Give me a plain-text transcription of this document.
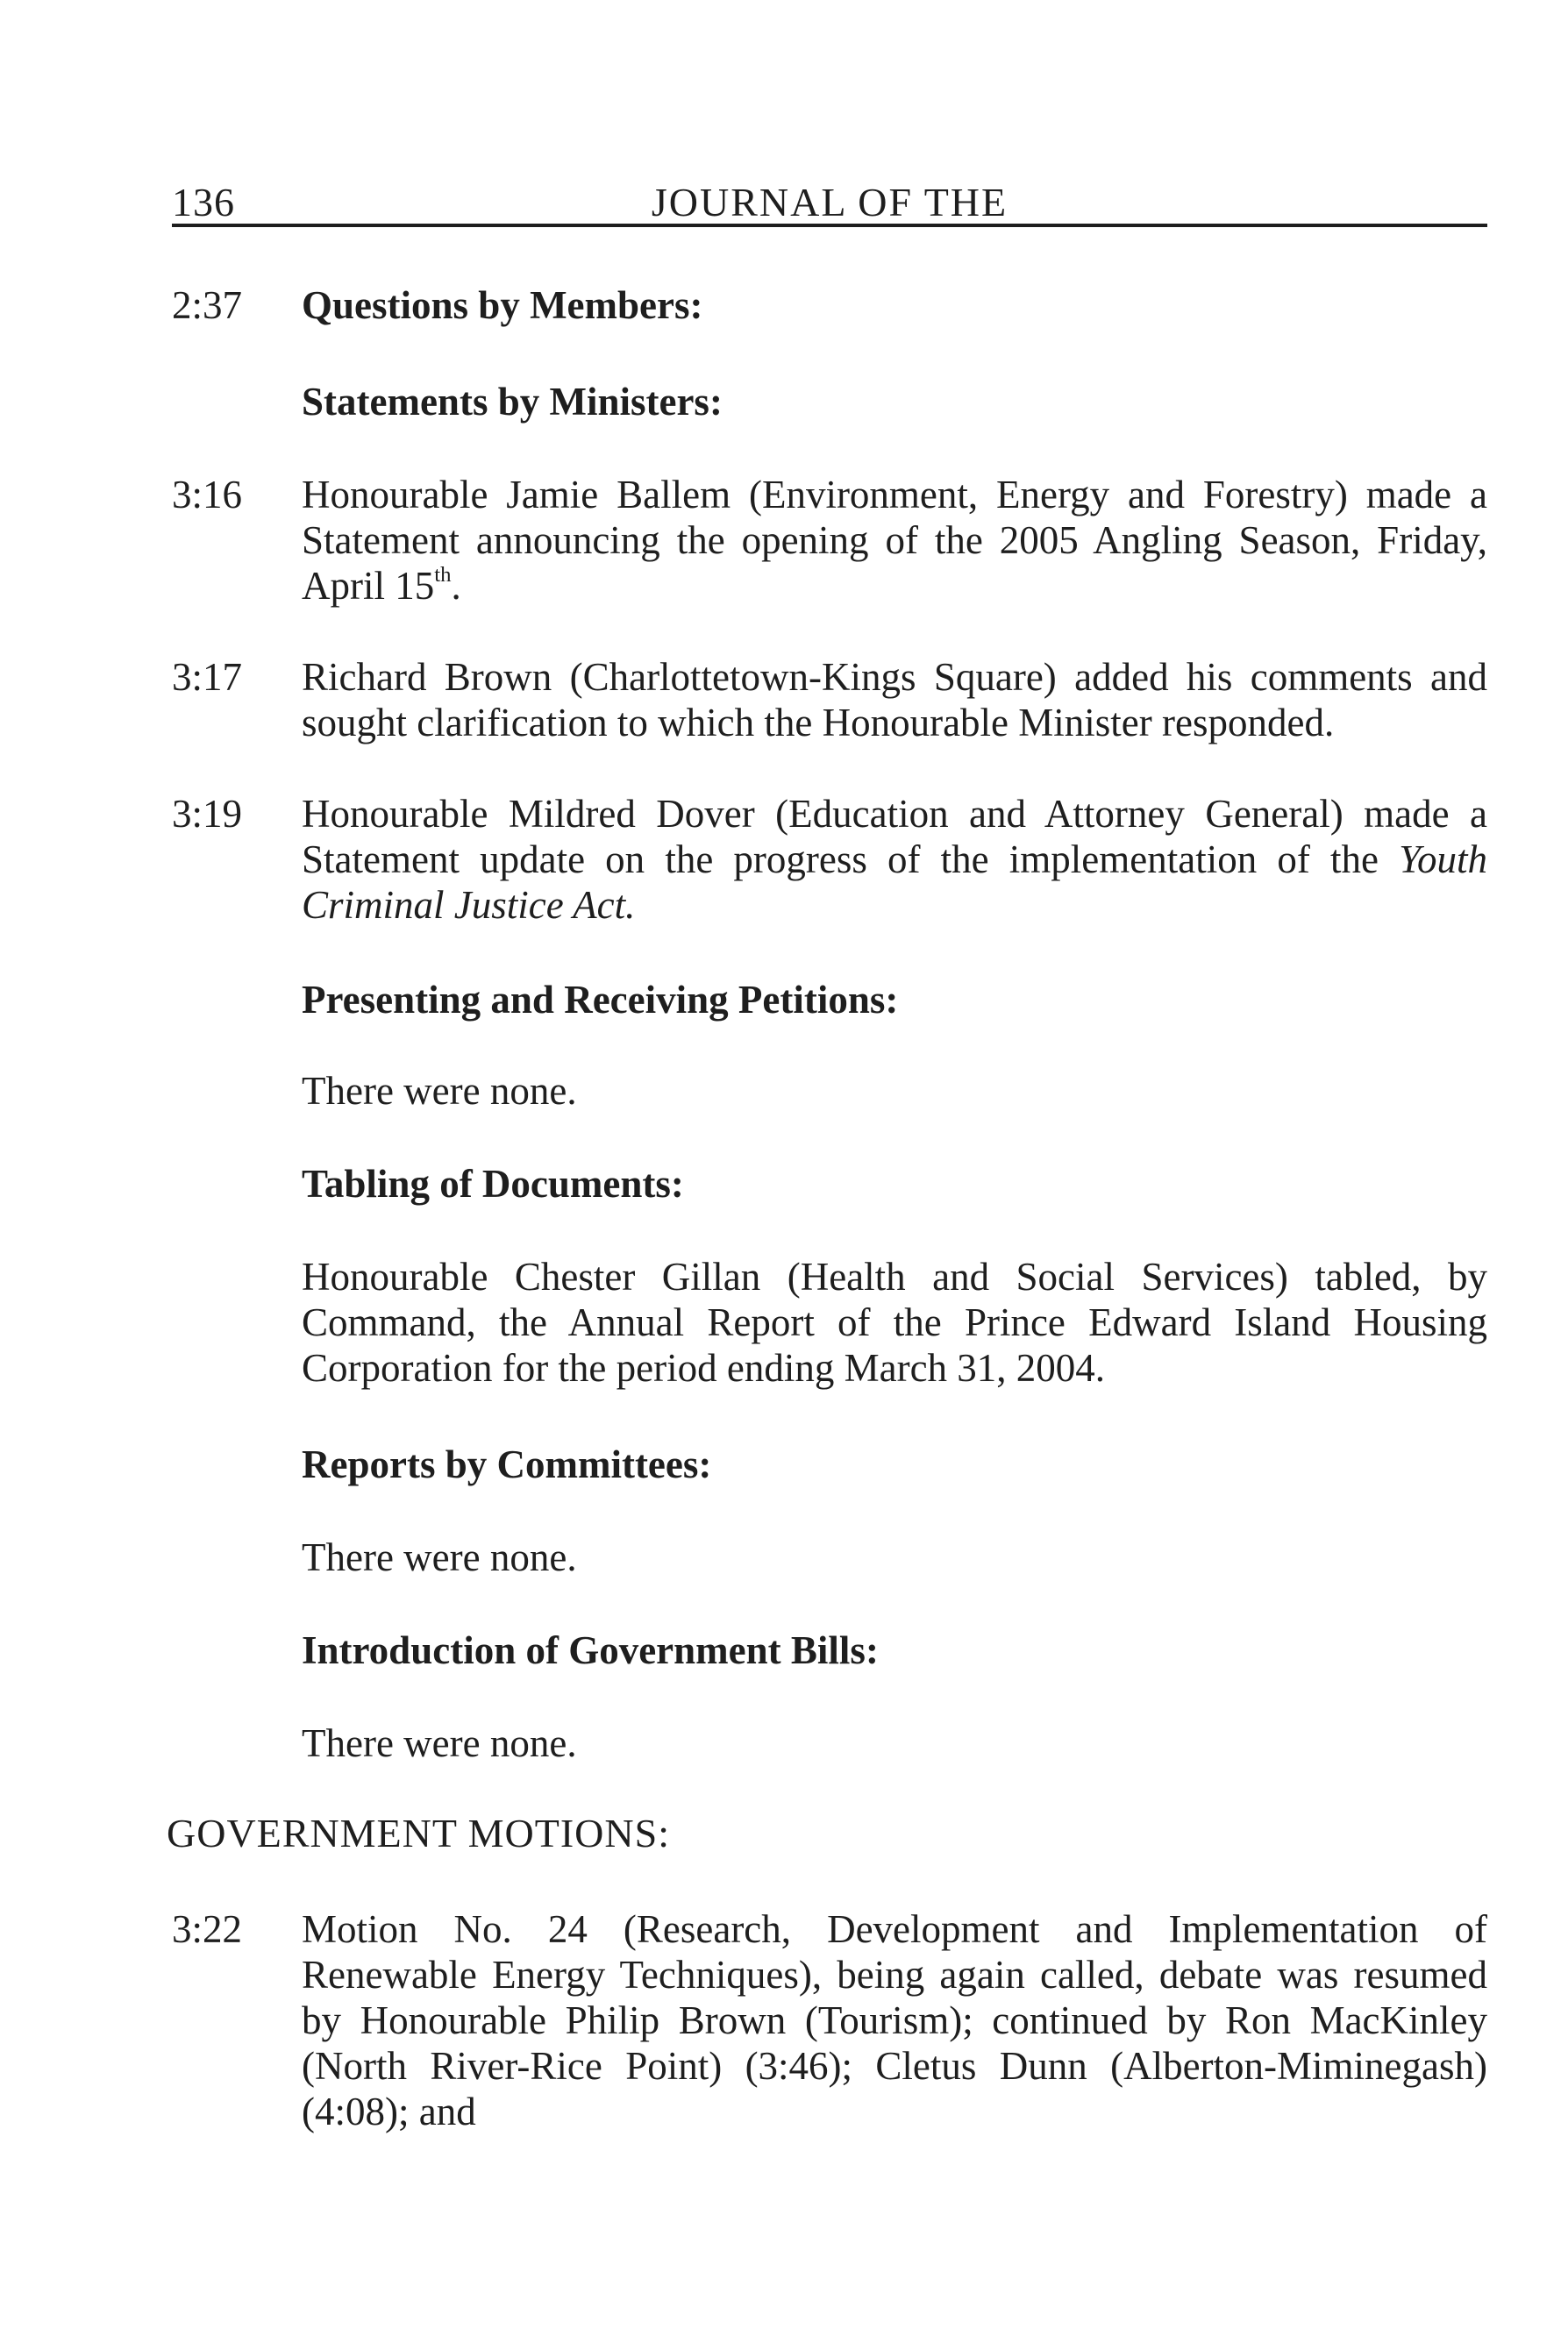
136	JOURNAL OF THE
2:37 Questions by Members:
Statements by Ministers:
3:16 Honourable Jamie Ballem (Environment, Energy and Forestry) made a Statement announcing the opening of the 2005 Angling Season, Friday, April 15th.
3:17 Richard Brown (Charlottetown-Kings Square) added his comments and sought clarification to which the Honourable Minister responded.
3:19 Honourable Mildred Dover (Education and Attorney General) made a Statement update on the progress of the implementation of the Youth Criminal Justice Act.
Presenting and Receiving Petitions:
There were none.
Tabling of Documents:
Honourable Chester Gillan (Health and Social Services) tabled, by Command, the Annual Report of the Prince Edward Island Housing Corporation for the period ending March 31, 2004.
Reports by Committees:
There were none.
Introduction of Government Bills:
There were none.
GOVERNMENT MOTIONS:
3:22 Motion No. 24 (Research, Development and Implementation of Renewable Energy Techniques), being again called, debate was resumed by Honourable Philip Brown (Tourism); continued by Ron MacKinley (North River-Rice Point) (3:46); Cletus Dunn (Alberton-Miminegash) (4:08); and
